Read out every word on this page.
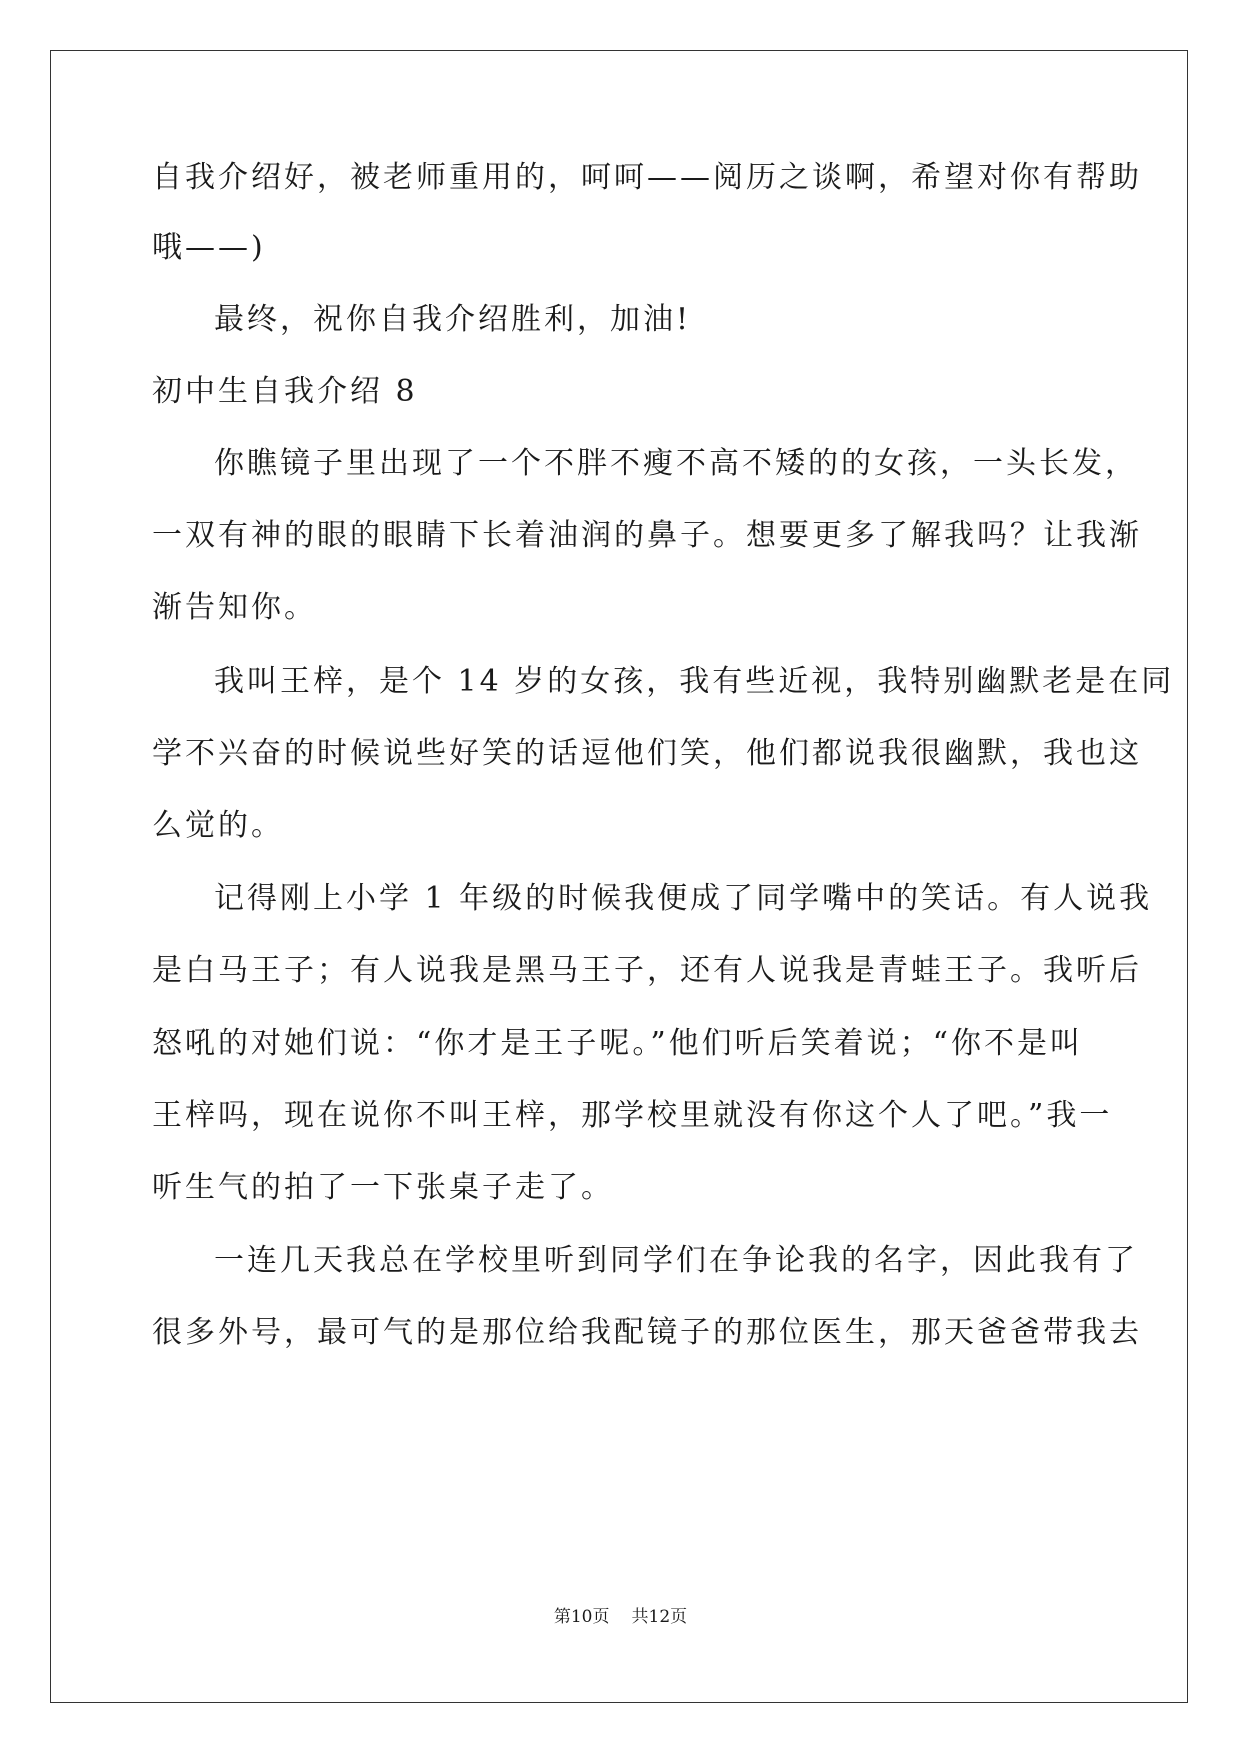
自我介绍好，被老师重用的，呵呵——阅历之谈啊，希望对你有帮助
哦——)
最终，祝你自我介绍胜利，加油!
初中生自我介绍 8
你瞧镜子里出现了一个不胖不瘦不高不矮的的女孩，一头长发，
一双有神的眼的眼睛下长着油润的鼻子。想要更多了解我吗？让我渐
渐告知你。
我叫王梓，是个 14 岁的女孩，我有些近视，我特别幽默老是在同
学不兴奋的时候说些好笑的话逗他们笑，他们都说我很幽默，我也这
么觉的。
记得刚上小学 1 年级的时候我便成了同学嘴中的笑话。有人说我
是白马王子；有人说我是黑马王子，还有人说我是青蛙王子。我听后
怒吼的对她们说：“你才是王子呢。”他们听后笑着说；“你不是叫
王梓吗，现在说你不叫王梓，那学校里就没有你这个人了吧。”我一
听生气的拍了一下张桌子走了。
一连几天我总在学校里听到同学们在争论我的名字，因此我有了
很多外号，最可气的是那位给我配镜子的那位医生，那天爸爸带我去
第10页 共12页
